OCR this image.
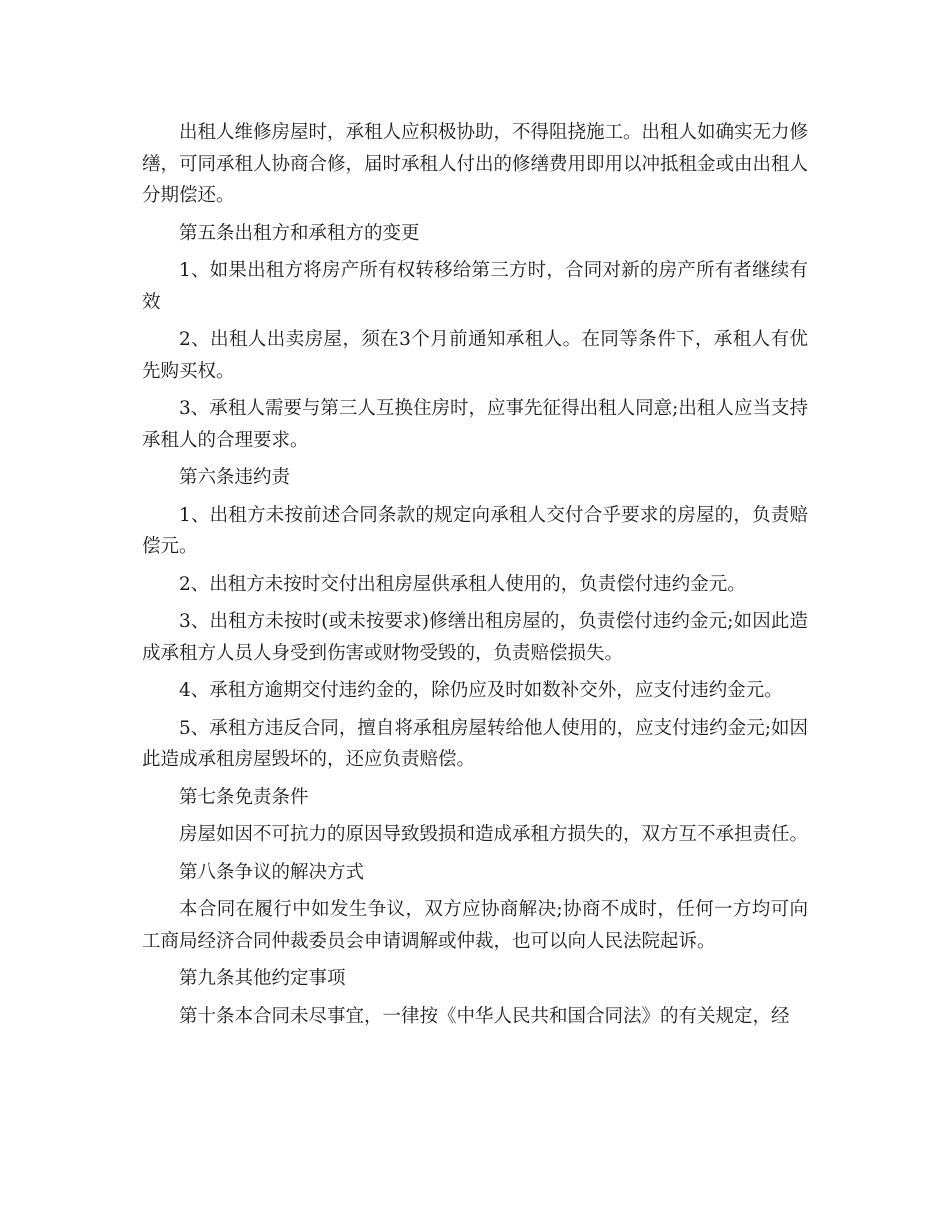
出租人维修房屋时，承租人应积极协助，不得阻挠施工。出租人如确实无力修缮，可同承租人协商合修，届时承租人付出的修缮费用即用以冲抵租金或由出租人分期偿还。

第五条出租方和承租方的变更

1、如果出租方将房产所有权转移给第三方时，合同对新的房产所有者继续有效

2、出租人出卖房屋，须在3个月前通知承租人。在同等条件下，承租人有优先购买权。

3、承租人需要与第三人互换住房时，应事先征得出租人同意;出租人应当支持承租人的合理要求。

第六条违约责

1、出租方未按前述合同条款的规定向承租人交付合乎要求的房屋的，负责赔偿元。

2、出租方未按时交付出租房屋供承租人使用的，负责偿付违约金元。

3、出租方未按时(或未按要求)修缮出租房屋的，负责偿付违约金元;如因此造成承租方人员人身受到伤害或财物受毁的，负责赔偿损失。

4、承租方逾期交付违约金的，除仍应及时如数补交外，应支付违约金元。

5、承租方违反合同，擅自将承租房屋转给他人使用的，应支付违约金元;如因此造成承租房屋毁坏的，还应负责赔偿。

第七条免责条件

房屋如因不可抗力的原因导致毁损和造成承租方损失的，双方互不承担责任。

第八条争议的解决方式

本合同在履行中如发生争议，双方应协商解决;协商不成时，任何一方均可向工商局经济合同仲裁委员会申请调解或仲裁，也可以向人民法院起诉。

第九条其他约定事项

第十条本合同未尽事宜，一律按《中华人民共和国合同法》的有关规定，经
